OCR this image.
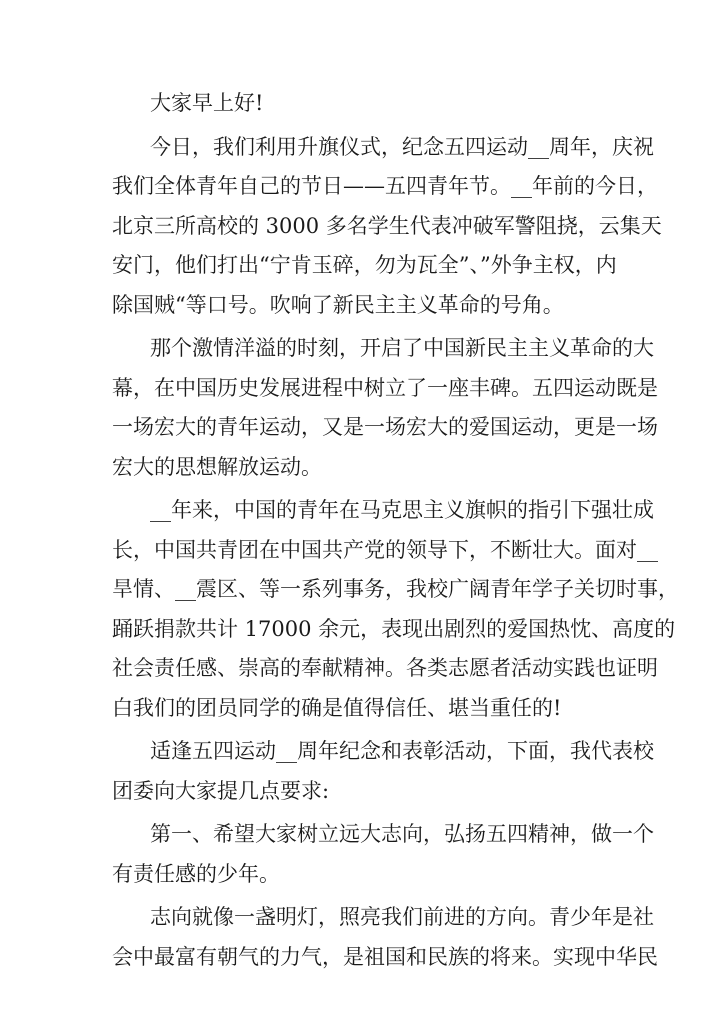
大家早上好!
今日，我们利用升旗仪式，纪念五四运动__周年，庆祝
我们全体青年自己的节日——五四青年节。__年前的今日，
北京三所高校的 3000 多名学生代表冲破军警阻挠，云集天
安门，他们打出“宁肯玉碎，勿为瓦全”、”外争主权，内
除国贼“等口号。吹响了新民主主义革命的号角。
那个激情洋溢的时刻，开启了中国新民主主义革命的大
幕，在中国历史发展进程中树立了一座丰碑。五四运动既是
一场宏大的青年运动，又是一场宏大的爱国运动，更是一场
宏大的思想解放运动。
__年来，中国的青年在马克思主义旗帜的指引下强壮成
长，中国共青团在中国共产党的领导下，不断壮大。面对__
旱情、__震区、等一系列事务，我校广阔青年学子关切时事，
踊跃捐款共计 17000 余元，表现出剧烈的爱国热忱、高度的
社会责任感、崇高的奉献精神。各类志愿者活动实践也证明
白我们的团员同学的确是值得信任、堪当重任的!
适逢五四运动__周年纪念和表彰活动，下面，我代表校
团委向大家提几点要求:
第一、希望大家树立远大志向，弘扬五四精神，做一个
有责任感的少年。
志向就像一盏明灯，照亮我们前进的方向。青少年是社
会中最富有朝气的力气，是祖国和民族的将来。实现中华民
